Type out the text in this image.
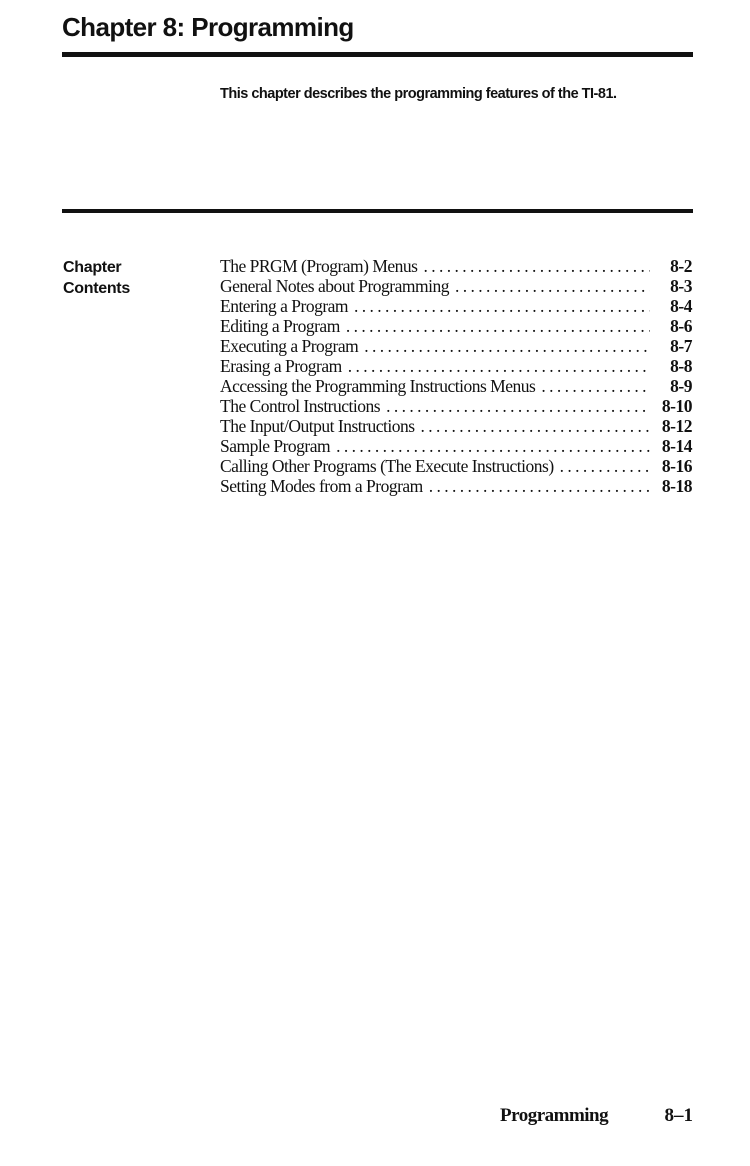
Chapter 8: Programming

This chapter describes the programming features of the TI-81.

Chapter
Contents
The PRGM (Program) Menus . . .	8-2
General Notes about Programming . . .	8-3
Entering a Program . . .	8-4
Editing a Program . . .	8-6
Executing a Program . . .	8-7
Erasing a Program . . .	8-8
Accessing the Programming Instructions Menus . . .	8-9
The Control Instructions . . .	8-10
The Input/Output Instructions . . .	8-12
Sample Program . . .	8-14
Calling Other Programs (The Execute Instructions) . . .	8-16
Setting Modes from a Program . . .	8-18
Programming	8–1
